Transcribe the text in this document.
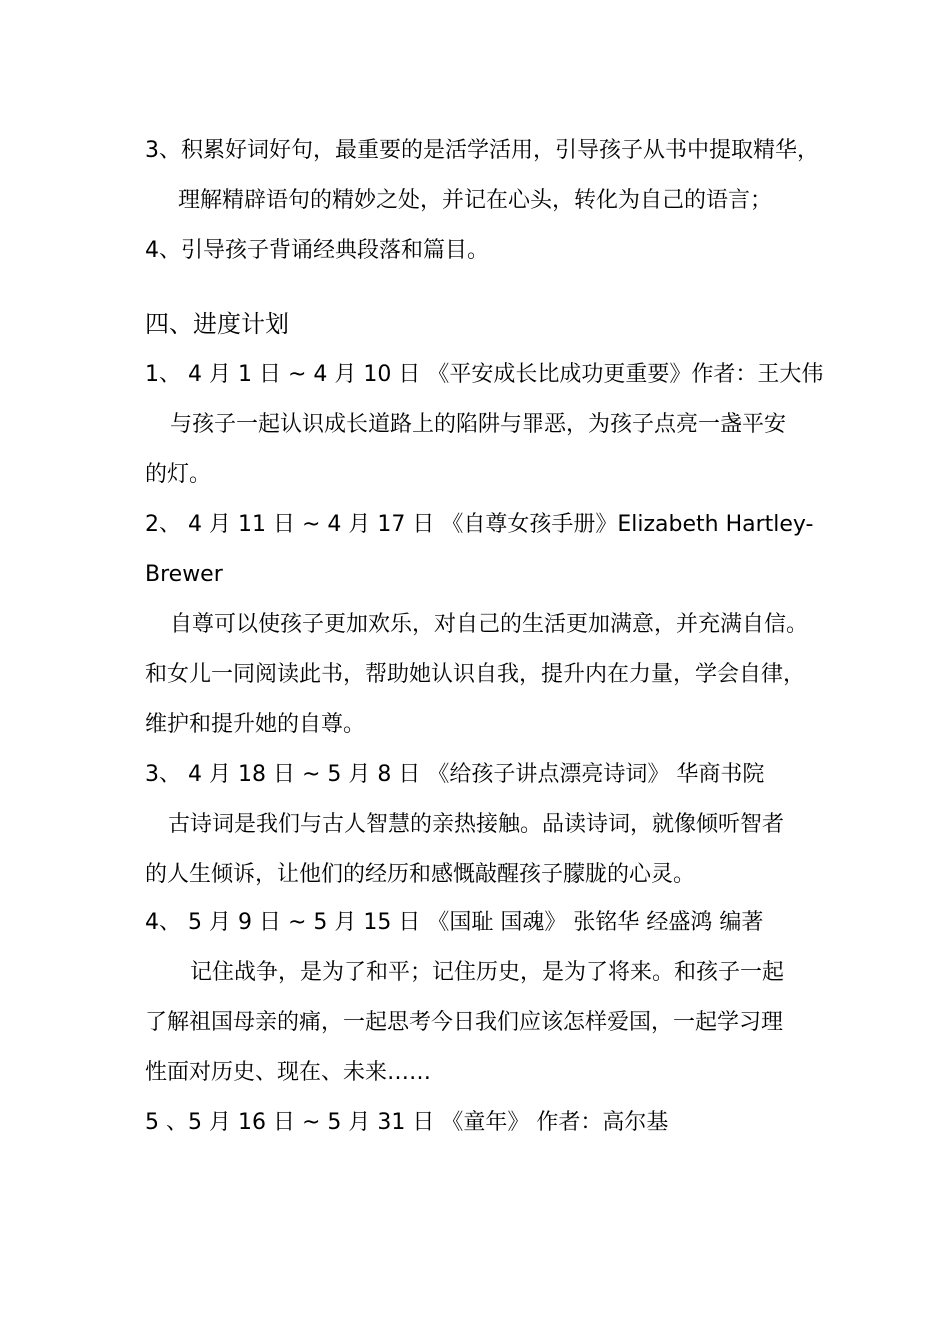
3、积累好词好句，最重要的是活学活用，引导孩子从书中提取精华，
理解精辟语句的精妙之处，并记在心头，转化为自己的语言；
4、引导孩子背诵经典段落和篇目。
四、进度计划
1、 4 月 1 日 ~ 4 月 10 日 《平安成长比成功更重要》作者：王大伟
与孩子一起认识成长道路上的陷阱与罪恶，为孩子点亮一盏平安
的灯。
2、 4 月 11 日 ~ 4 月 17 日 《自尊女孩手册》Elizabeth Hartley-
Brewer
自尊可以使孩子更加欢乐，对自己的生活更加满意，并充满自信。
和女儿一同阅读此书，帮助她认识自我，提升内在力量，学会自律，
维护和提升她的自尊。
3、 4 月 18 日 ~ 5 月 8 日 《给孩子讲点漂亮诗词》 华商书院
古诗词是我们与古人智慧的亲热接触。品读诗词，就像倾听智者
的人生倾诉，让他们的经历和感慨敲醒孩子朦胧的心灵。
4、 5 月 9 日 ~ 5 月 15 日 《国耻 国魂》 张铭华 经盛鸿 编著
记住战争，是为了和平；记住历史，是为了将来。和孩子一起
了解祖国母亲的痛，一起思考今日我们应该怎样爱国，一起学习理
性面对历史、现在、未来……
5 、5 月 16 日 ~ 5 月 31 日 《童年》 作者：高尔基
